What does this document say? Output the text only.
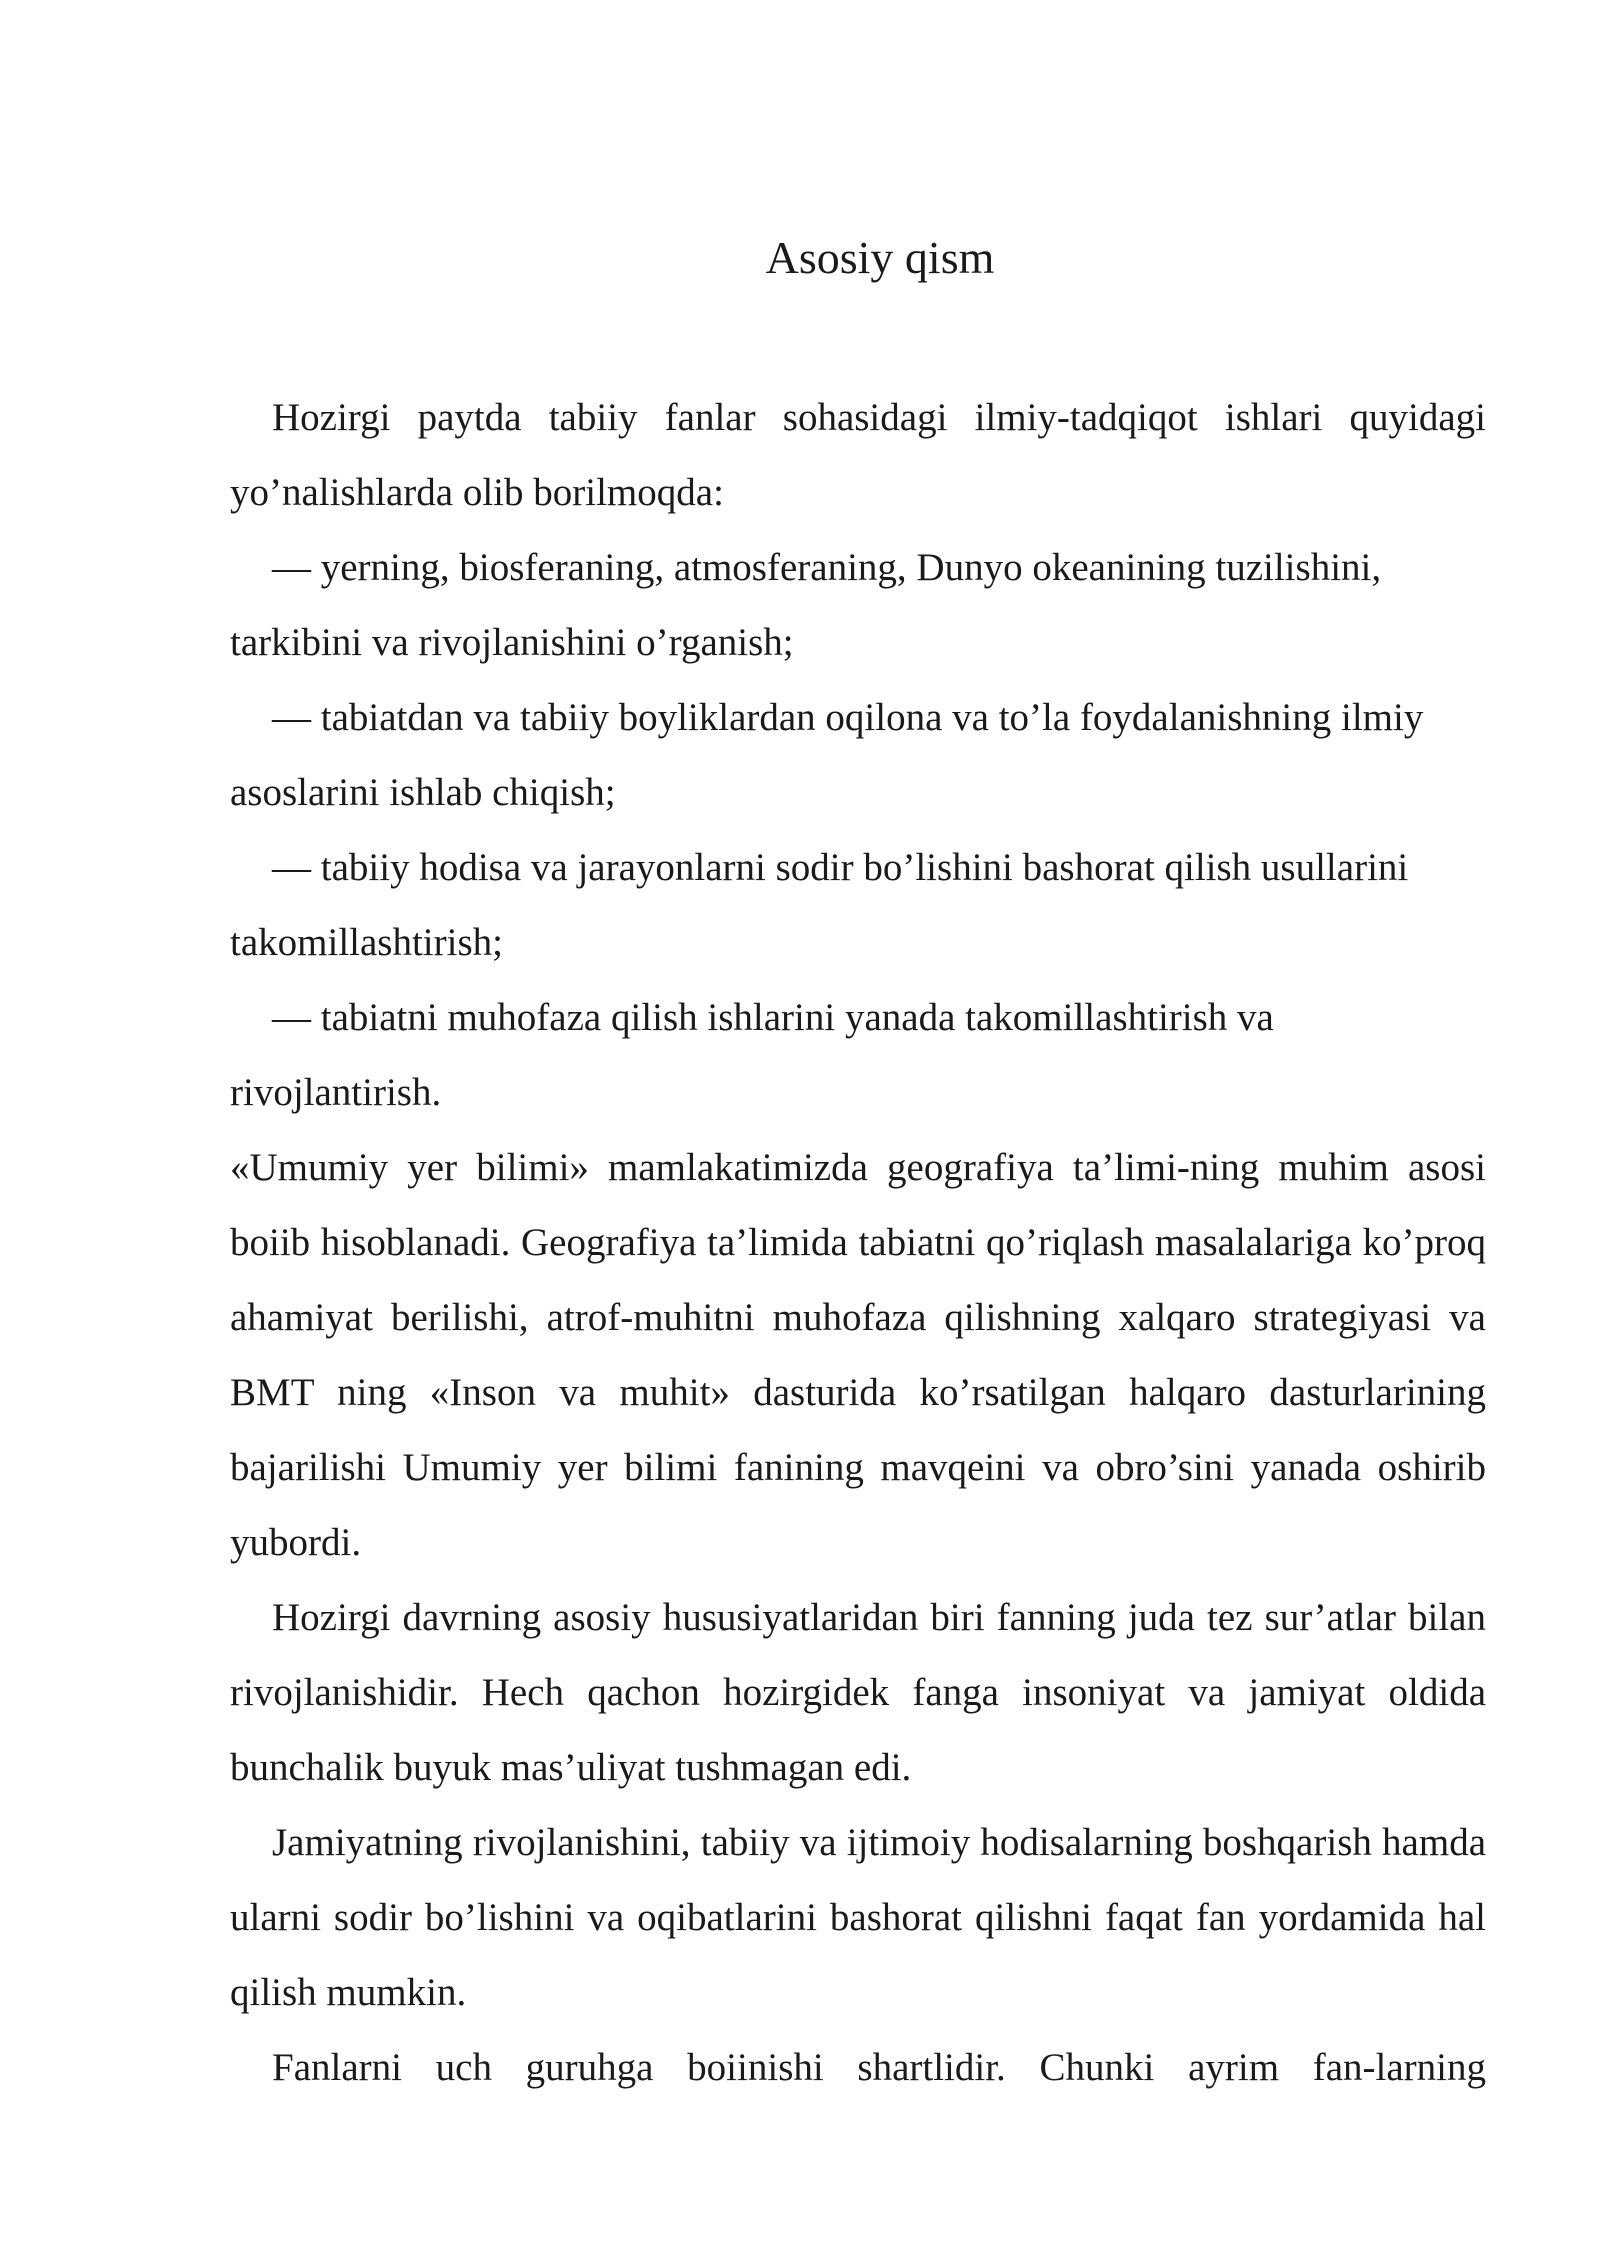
Asosiy qism

Hozirgi paytda tabiiy fanlar sohasidagi ilmiy-tadqiqot ishlari quyidagi yo’nalishlarda olib borilmoqda:

— yerning, biosferaning, atmosferaning, Dunyo okeanining tuzilishini, tarkibini va rivojlanishini o’rganish;

— tabiatdan va tabiiy boyliklardan oqilona va to’la foydalanishning ilmiy asoslarini ishlab chiqish;

— tabiiy hodisa va jarayonlarni sodir bo’lishini bashorat qilish usullarini takomillashtirish;

— tabiatni muhofaza qilish ishlarini yanada takomillashtirish va rivojlantirish.

«Umumiy yer bilimi» mamlakatimizda geografiya ta’limi-ning muhim asosi boiib hisoblanadi. Geografiya ta’limida tabiatni qo’riqlash masalalariga ko’proq ahamiyat berilishi, atrof-muhitni muhofaza qilishning xalqaro strategiyasi va BMT ning «Inson va muhit» dasturida ko’rsatilgan halqaro dasturlarining bajarilishi Umumiy yer bilimi fanining mavqeini va obro’sini yanada oshirib yubordi.

Hozirgi davrning asosiy hususiyatlaridan biri fanning juda tez sur’atlar bilan rivojlanishidir. Hech qachon hozirgidek fanga insoniyat va jamiyat oldida bunchalik buyuk mas’uliyat tushmagan edi.

Jamiyatning rivojlanishini, tabiiy va ijtimoiy hodisalarning boshqarish hamda ularni sodir bo’lishini va oqibatlarini bashorat qilishni faqat fan yordamida hal qilish mumkin.

Fanlarni uch guruhga boiinishi shartlidir. Chunki ayrim fan-larning
